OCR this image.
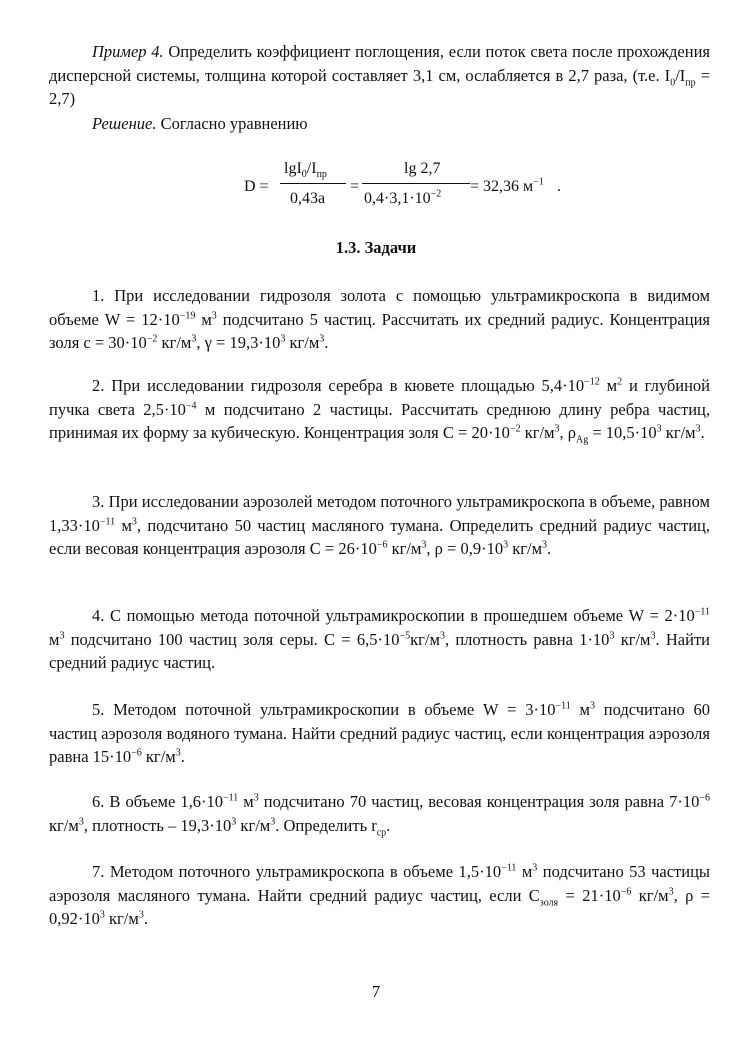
Пример 4. Определить коэффициент поглощения, если поток света после прохождения дисперсной системы, толщина которой составляет 3,1 см, ослабляется в 2,7 раза, (т.е. $I_0/I_{пр} = 2,7$)

Решение. Согласно уравнению

D =
$\lg I_0/I_{пр}$
0,43a
=
lg 2,7
$0,4\cdot 3,1\cdot 10^{-2} = 32,36$ $м^{-1}$ .
1.3. Задачи

1. При исследовании гидрозоля золота с помощью ультрамикроскопа в видимом объеме $W = 12\cdot 10^{-19}$ $м^3$ подсчитано 5 частиц. Рассчитать их средний радиус. Концентрация золя $c = 30\cdot 10^{-2}$ $кг/м^3$, $\gamma = 19,3\cdot 10^3$ $кг/м^3$.

2. При исследовании гидрозоля серебра в кювете площадью $5,4\cdot 10^{-12}$ $м^2$ и глубиной пучка света $2,5\cdot 10^{-4}$ м подсчитано 2 частицы. Рассчитать среднюю длину ребра частиц, принимая их форму за кубическую. Концентрация золя $C = 20\cdot 10^{-2}$ $кг/м^3$, $\rho_{Ag} = 10,5\cdot 10^3$ $кг/м^3$.

3. При исследовании аэрозолей методом поточного ультрамикроскопа в объеме, равном $1,33\cdot 10^{-11}$ $м^3$, подсчитано 50 частиц масляного тумана. Определить средний радиус частиц, если весовая концентрация аэрозоля $C = 26\cdot 10^{-6}$ $кг/м^3$, $\rho = 0,9\cdot 10^3$ $кг/м^3$.

4. С помощью метода поточной ультрамикроскопии в прошедшем объеме $W = 2\cdot 10^{-11}$ $м^3$ подсчитано 100 частиц золя серы. $C = 6,5\cdot 10^{-5}кг/м^3$, плотность равна $1\cdot 10^3$ $кг/м^3$. Найти средний радиус частиц.

5. Методом поточной ультрамикроскопии в объеме $W = 3\cdot 10^{-11}$ $м^3$ подсчитано 60 частиц аэрозоля водяного тумана. Найти средний радиус частиц, если концентрация аэрозоля равна $15\cdot 10^{-6}$ $кг/м^3$.

6. В объеме $1,6\cdot 10^{-11}$ $м^3$ подсчитано 70 частиц, весовая концентрация золя равна $7\cdot 10^{-6}$ $кг/м^3$, плотность – $19,3\cdot 10^3$ $кг/м^3$. Определить $r_{ср}$.

7. Методом поточного ультрамикроскопа в объеме $1,5\cdot 10^{-11}$ $м^3$ подсчитано 53 частицы аэрозоля масляного тумана. Найти средний радиус частиц, если $C_{золя} = 21\cdot 10^{-6}$ $кг/м^3$, $\rho = 0,92\cdot 10^3$ $кг/м^3$.

7
